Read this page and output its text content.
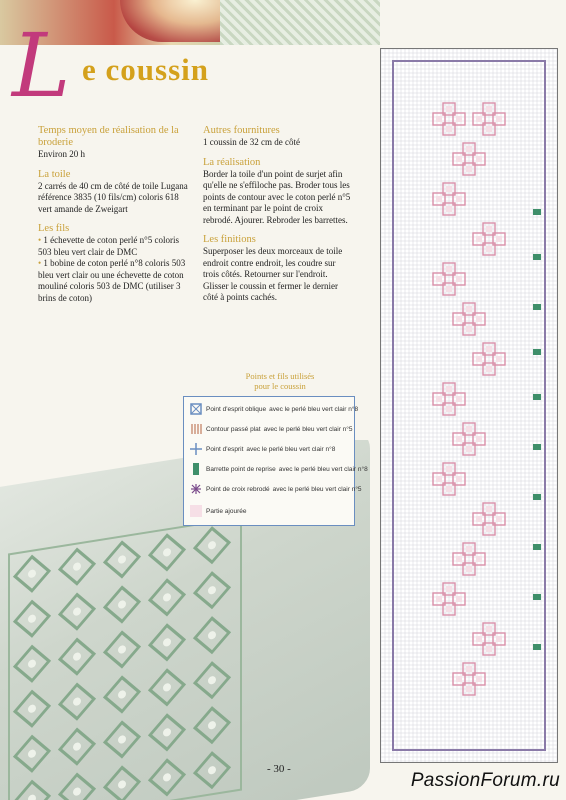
L e coussin
Temps moyen de réalisation de la broderie

Environ 20 h

La toile

2 carrés de 40 cm de côté de toile Lugana référence 3835 (10 fils/cm) coloris 618 vert amande de Zweigart

Les fils

• 1 échevette de coton perlé n°5 coloris 503 bleu vert clair de DMC

• 1 bobine de coton perlé n°8 coloris 503 bleu vert clair ou une échevette de coton mouliné coloris 503 de DMC (utiliser 3 brins de coton)

Autres fournitures

1 coussin de 32 cm de côté

La réalisation

Border la toile d'un point de surjet afin qu'elle ne s'effiloche pas. Broder tous les points de contour avec le coton perlé n°5 en terminant par le point de croix rebrodé. Ajourer. Rebroder les barrettes.

Les finitions

Superposer les deux morceaux de toile endroit contre endroit, les coudre sur trois côtés. Retourner sur l'endroit. Glisser le coussin et fermer le dernier côté à points cachés.

Points et fils utilisés
pour le coussin
Point d'esprit oblique avec le perlé bleu vert clair n°8
Contour passé plat avec le perlé bleu vert clair n°5
Point d'esprit avec le perlé bleu vert clair n°8
Barrette point de reprise avec le perlé bleu vert clair n°8
Point de croix rebrodé avec le perlé bleu vert clair n°5
Partie ajourée
- 30 -
PassionForum.ru
